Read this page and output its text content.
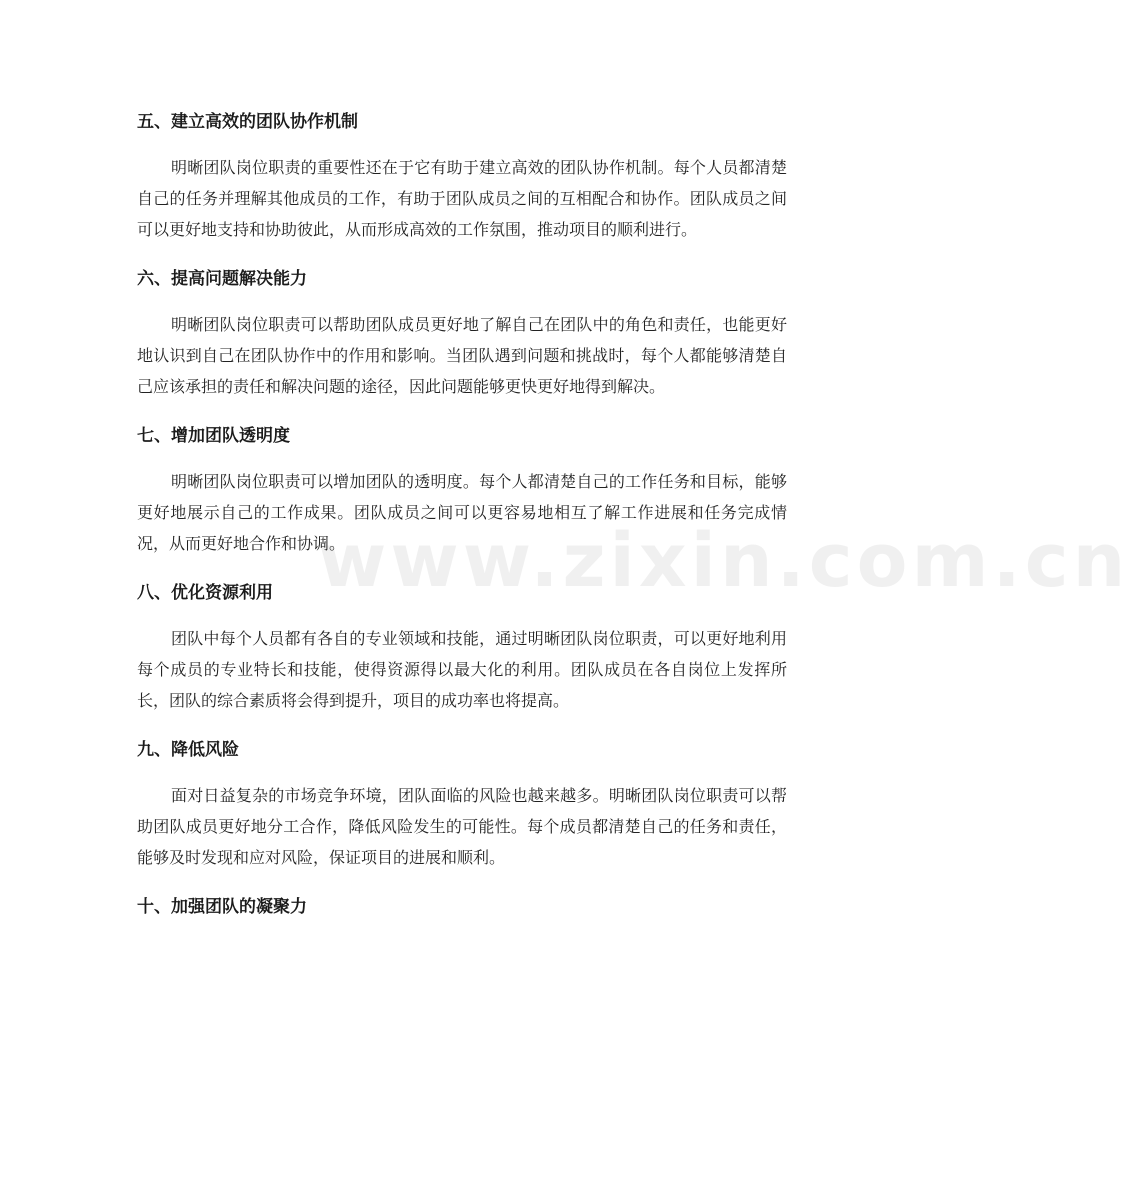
www.zixin.com.cn
五、建立高效的团队协作机制

明晰团队岗位职责的重要性还在于它有助于建立高效的团队协作机制。每个人员都清楚自己的任务并理解其他成员的工作，有助于团队成员之间的互相配合和协作。团队成员之间可以更好地支持和协助彼此，从而形成高效的工作氛围，推动项目的顺利进行。

六、提高问题解决能力

明晰团队岗位职责可以帮助团队成员更好地了解自己在团队中的角色和责任，也能更好地认识到自己在团队协作中的作用和影响。当团队遇到问题和挑战时，每个人都能够清楚自己应该承担的责任和解决问题的途径，因此问题能够更快更好地得到解决。

七、增加团队透明度

明晰团队岗位职责可以增加团队的透明度。每个人都清楚自己的工作任务和目标，能够更好地展示自己的工作成果。团队成员之间可以更容易地相互了解工作进展和任务完成情况，从而更好地合作和协调。

八、优化资源利用

团队中每个人员都有各自的专业领域和技能，通过明晰团队岗位职责，可以更好地利用每个成员的专业特长和技能，使得资源得以最大化的利用。团队成员在各自岗位上发挥所长，团队的综合素质将会得到提升，项目的成功率也将提高。

九、降低风险

面对日益复杂的市场竞争环境，团队面临的风险也越来越多。明晰团队岗位职责可以帮助团队成员更好地分工合作，降低风险发生的可能性。每个成员都清楚自己的任务和责任，能够及时发现和应对风险，保证项目的进展和顺利。

十、加强团队的凝聚力
